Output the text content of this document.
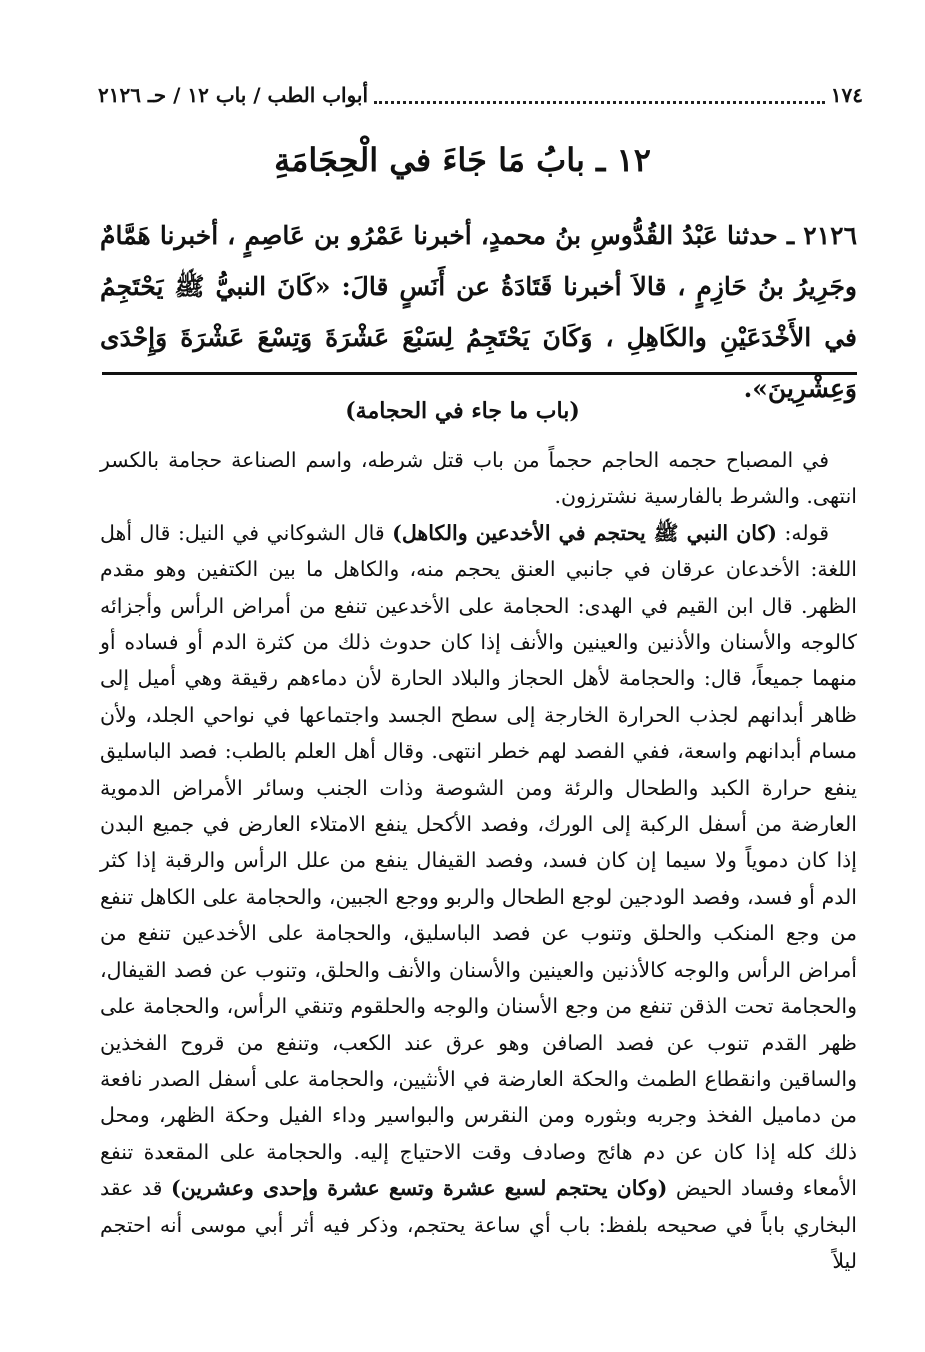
١٧٤
أبواب الطب / باب ١٢ / حـ ٢١٢٦
١٢ ـ بابُ مَا جَاءَ في الْحِجَامَةِ
٢١٢٦ ـ حدثنا عَبْدُ القُدُّوسِ بنُ محمدٍ، أخبرنا عَمْرُو بن عَاصِمٍ ، أخبرنا هَمَّامٌ وجَرِيرُ بنُ حَازِمٍ ، قالاَ أخبرنا قَتَادَةُ عن أَنَسٍ قالَ: «كَانَ النبيُّ ﷺ يَحْتَجِمُ في الأَخْدَعَيْنِ والكَاهِلِ ، وَكَانَ يَحْتَجِمُ لِسَبْعَ عَشْرَةَ وَتِسْعَ عَشْرَةَ وَإِحْدَى وَعِشْرِينَ».
(باب ما جاء في الحجامة)

في المصباح حجمه الحاجم حجماً من باب قتل شرطه، واسم الصناعة حجامة بالكسر انتهى. والشرط بالفارسية نشترزون.

قوله: (كان النبي ﷺ يحتجم في الأخدعين والكاهل) قال الشوكاني في النيل: قال أهل اللغة: الأخدعان عرقان في جانبي العنق يحجم منه، والكاهل ما بين الكتفين وهو مقدم الظهر. قال ابن القيم في الهدى: الحجامة على الأخدعين تنفع من أمراض الرأس وأجزائه كالوجه والأسنان والأذنين والعينين والأنف إذا كان حدوث ذلك من كثرة الدم أو فساده أو منهما جميعاً، قال: والحجامة لأهل الحجاز والبلاد الحارة لأن دماءهم رقيقة وهي أميل إلى ظاهر أبدانهم لجذب الحرارة الخارجة إلى سطح الجسد واجتماعها في نواحي الجلد، ولأن مسام أبدانهم واسعة، ففي الفصد لهم خطر انتهى. وقال أهل العلم بالطب: فصد الباسليق ينفع حرارة الكبد والطحال والرئة ومن الشوصة وذات الجنب وسائر الأمراض الدموية العارضة من أسفل الركبة إلى الورك، وفصد الأكحل ينفع الامتلاء العارض في جميع البدن إذا كان دموياً ولا سيما إن كان فسد، وفصد القيفال ينفع من علل الرأس والرقبة إذا كثر الدم أو فسد، وفصد الودجين لوجع الطحال والربو ووجع الجبين، والحجامة على الكاهل تنفع من وجع المنكب والحلق وتنوب عن فصد الباسليق، والحجامة على الأخدعين تنفع من أمراض الرأس والوجه كالأذنين والعينين والأسنان والأنف والحلق، وتنوب عن فصد القيفال، والحجامة تحت الذقن تنفع من وجع الأسنان والوجه والحلقوم وتنقي الرأس، والحجامة على ظهر القدم تنوب عن فصد الصافن وهو عرق عند الكعب، وتنفع من قروح الفخذين والساقين وانقطاع الطمث والحكة العارضة في الأنثيين، والحجامة على أسفل الصدر نافعة من دماميل الفخذ وجربه وبثوره ومن النقرس والبواسير وداء الفيل وحكة الظهر، ومحل ذلك كله إذا كان عن دم هائج وصادف وقت الاحتياج إليه. والحجامة على المقعدة تنفع الأمعاء وفساد الحيض (وكان يحتجم لسبع عشرة وتسع عشرة وإحدى وعشرين) قد عقد البخاري باباً في صحيحه بلفظ: باب أي ساعة يحتجم، وذكر فيه أثر أبي موسى أنه احتجم ليلاً
